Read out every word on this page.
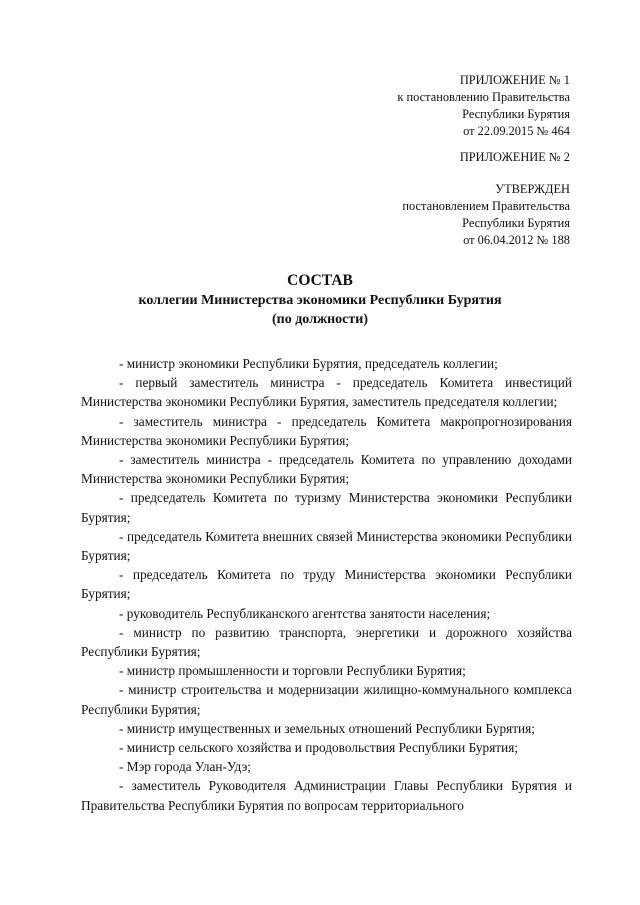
ПРИЛОЖЕНИЕ № 1
к постановлению Правительства
Республики Бурятия
от 22.09.2015 № 464
ПРИЛОЖЕНИЕ № 2
УТВЕРЖДЕН
постановлением Правительства
Республики Бурятия
от 06.04.2012 № 188
СОСТАВ
коллегии Министерства экономики Республики Бурятия
(по должности)

- министр экономики Республики Бурятия, председатель коллегии;

- первый заместитель министра - председатель Комитета инвестиций Министерства экономики Республики Бурятия, заместитель председателя коллегии;

- заместитель министра - председатель Комитета макропрогнозирования Министерства экономики Республики Бурятия;

- заместитель министра - председатель Комитета по управлению доходами Министерства экономики Республики Бурятия;

- председатель Комитета по туризму Министерства экономики Республики Бурятия;

- председатель Комитета внешних связей Министерства экономики Республики Бурятия;

- председатель Комитета по труду Министерства экономики Республики Бурятия;

- руководитель Республиканского агентства занятости населения;

- министр по развитию транспорта, энергетики и дорожного хозяйства Республики Бурятия;

- министр промышленности и торговли Республики Бурятия;

- министр строительства и модернизации жилищно-коммунального комплекса Республики Бурятия;

- министр имущественных и земельных отношений Республики Бурятия;

- министр сельского хозяйства и продовольствия Республики Бурятия;

- Мэр города Улан-Удэ;

- заместитель Руководителя Администрации Главы Республики Бурятия и Правительства Республики Бурятия по вопросам территориального
